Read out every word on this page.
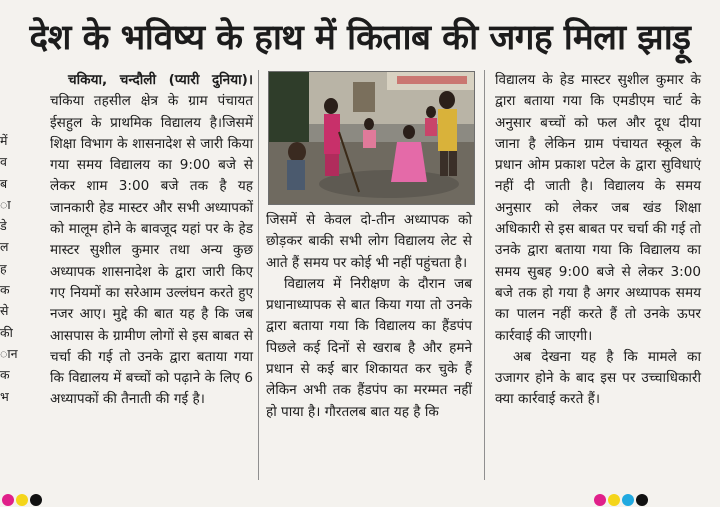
देश के भविष्य के हाथ में किताब की जगह मिला झाड़ू
में
व
ब
ा
डे
ल
ह
क
से
की
ान
क
भ

चकिया, चन्दौली (प्यारी दुनिया)। चकिया तहसील क्षेत्र के ग्राम पंचायत ईसहुल के प्राथमिक विद्यालय है।जिसमें शिक्षा विभाग के शासनादेश से जारी किया गया समय विद्यालय का 9:00 बजे से लेकर शाम 3:00 बजे तक है यह जानकारी हेड मास्टर और सभी अध्यापकों को मालूम होने के बावजूद यहां पर के हेड मास्टर सुशील कुमार तथा अन्य कुछ अध्यापक शासनादेश के द्वारा जारी किए गए नियमों का सरेआम उल्लंघन करते हुए नजर आए। मुद्दे की बात यह है कि जब आसपास के ग्रामीण लोगों से इस बाबत से चर्चा की गई तो उनके द्वारा बताया गया कि विद्यालय में बच्चों को पढ़ाने के लिए 6 अध्यापकों की तैनाती की गई है।

जिसमें से केवल दो-तीन अध्यापक को छोड़कर बाकी सभी लोग विद्यालय लेट से आते हैं समय पर कोई भी नहीं पहुंचता है।

विद्यालय में निरीक्षण के दौरान जब प्रधानाध्यापक से बात किया गया तो उनके द्वारा बताया गया कि विद्यालय का हैंडपंप पिछले कई दिनों से खराब है और हमने प्रधान से कई बार शिकायत कर चुके हैं लेकिन अभी तक हैंडपंप का मरम्मत नहीं हो पाया है। गौरतलब बात यह है कि

विद्यालय के हेड मास्टर सुशील कुमार के द्वारा बताया गया कि एमडीएम चार्ट के अनुसार बच्चों को फल और दूध दीया जाना है लेकिन ग्राम पंचायत स्कूल के प्रधान ओम प्रकाश पटेल के द्वारा सुविधाएं नहीं दी जाती है। विद्यालय के समय अनुसार को लेकर जब खंड शिक्षा अधिकारी से इस बाबत पर चर्चा की गई तो उनके द्वारा बताया गया कि विद्यालय का समय सुबह 9:00 बजे से लेकर 3:00 बजे तक हो गया है अगर अध्यापक समय का पालन नहीं करते हैं तो उनके ऊपर कार्रवाई की जाएगी।

अब देखना यह है कि मामले का उजागर होने के बाद इस पर उच्चाधिकारी क्या कार्रवाई करते हैं।
